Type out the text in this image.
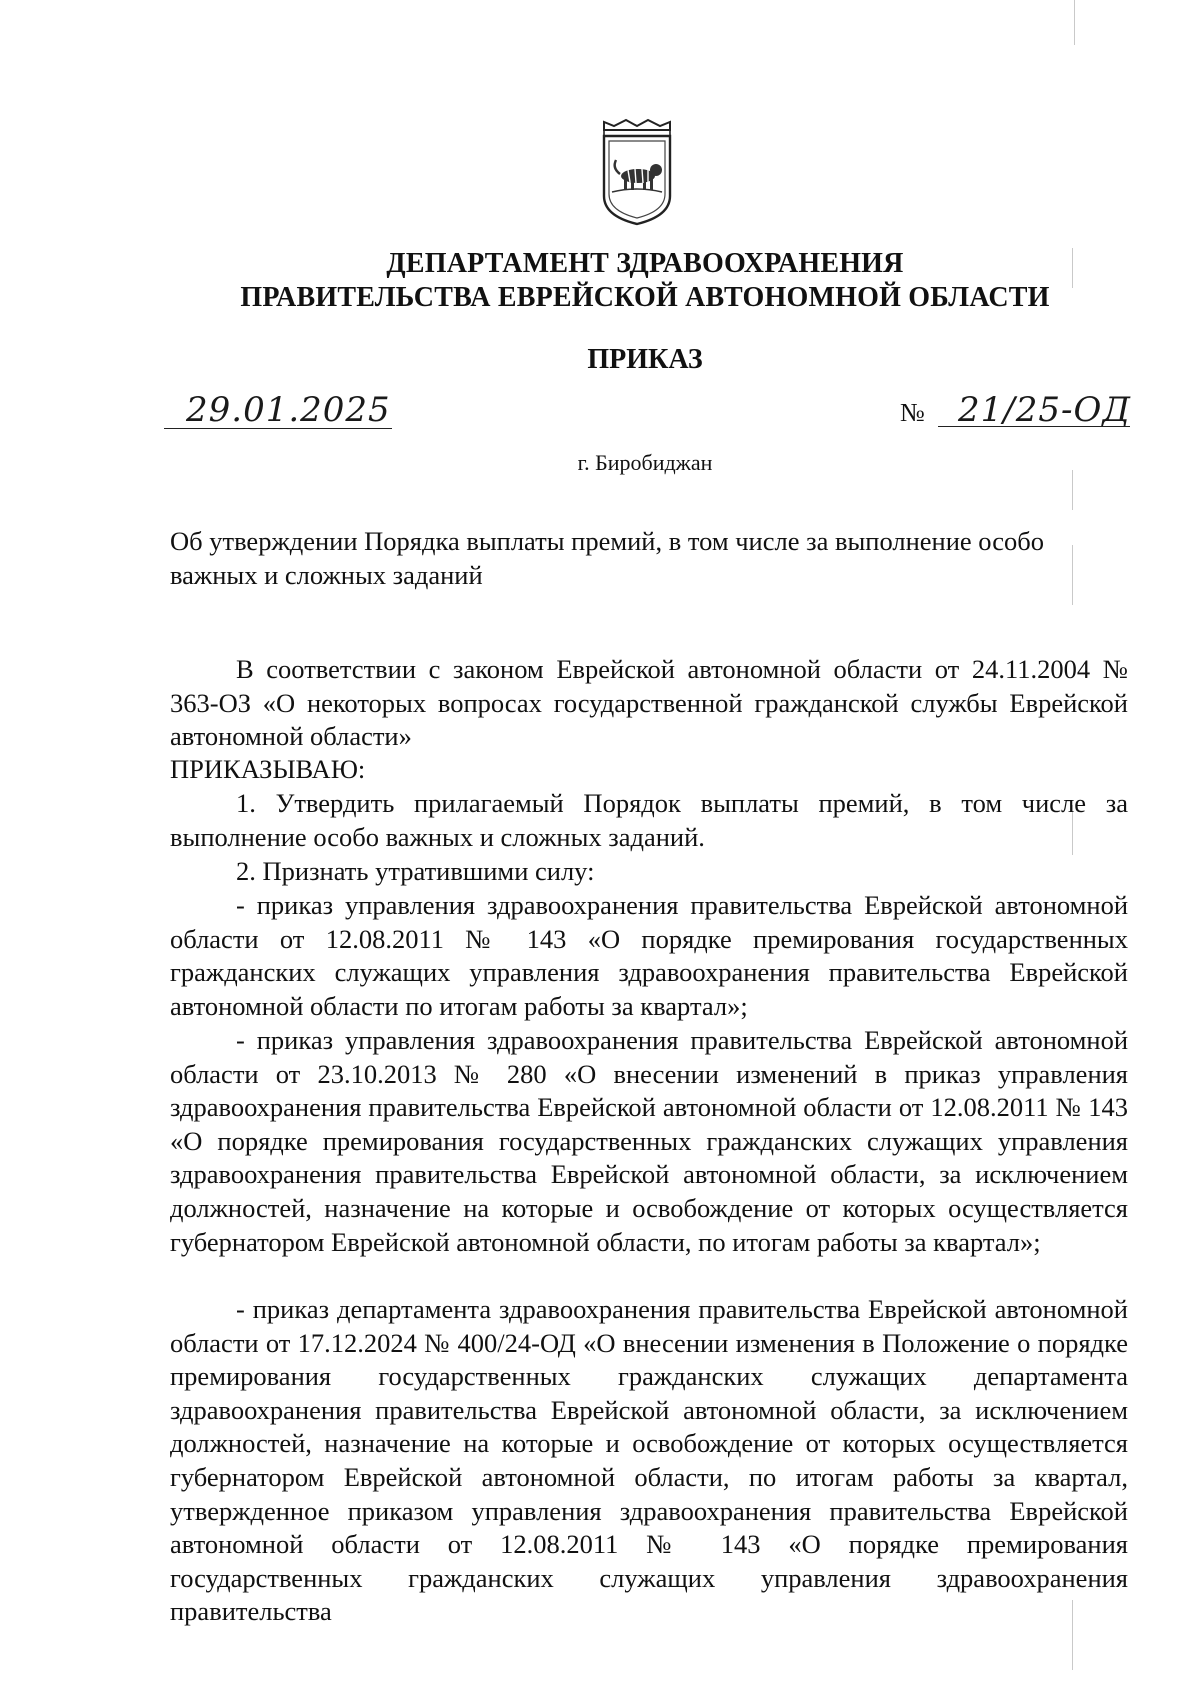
ДЕПАРТАМЕНТ ЗДРАВООХРАНЕНИЯ
ПРАВИТЕЛЬСТВА ЕВРЕЙСКОЙ АВТОНОМНОЙ ОБЛАСТИ
ПРИКАЗ
29.01.2025	№ 21/25-ОД
г. Биробиджан

Об утверждении Порядка выплаты премий, в том числе за выполнение особо важных и сложных заданий

В соответствии с законом Еврейской автономной области от 24.11.2004 № 363-ОЗ «О некоторых вопросах государственной гражданской службы Еврейской автономной области»

ПРИКАЗЫВАЮ:

1. Утвердить прилагаемый Порядок выплаты премий, в том числе за выполнение особо важных и сложных заданий.

2. Признать утратившими силу:

- приказ управления здравоохранения правительства Еврейской автономной области от 12.08.2011 № 143 «О порядке премирования государственных гражданских служащих управления здравоохранения правительства Еврейской автономной области по итогам работы за квартал»;

- приказ управления здравоохранения правительства Еврейской автономной области от 23.10.2013 № 280 «О внесении изменений в приказ управления здравоохранения правительства Еврейской автономной области от 12.08.2011 № 143 «О порядке премирования государственных гражданских служащих управления здравоохранения правительства Еврейской автономной области, за исключением должностей, назначение на которые и освобождение от которых осуществляется губернатором Еврейской автономной области, по итогам работы за квартал»;

- приказ департамента здравоохранения правительства Еврейской автономной области от 17.12.2024 № 400/24-ОД «О внесении изменения в Положение о порядке премирования государственных гражданских служащих департамента здравоохранения правительства Еврейской автономной области, за исключением должностей, назначение на которые и освобождение от которых осуществляется губернатором Еврейской автономной области, по итогам работы за квартал, утвержденное приказом управления здравоохранения правительства Еврейской автономной области от 12.08.2011 № 143 «О порядке премирования государственных гражданских служащих управления здравоохранения правительства
